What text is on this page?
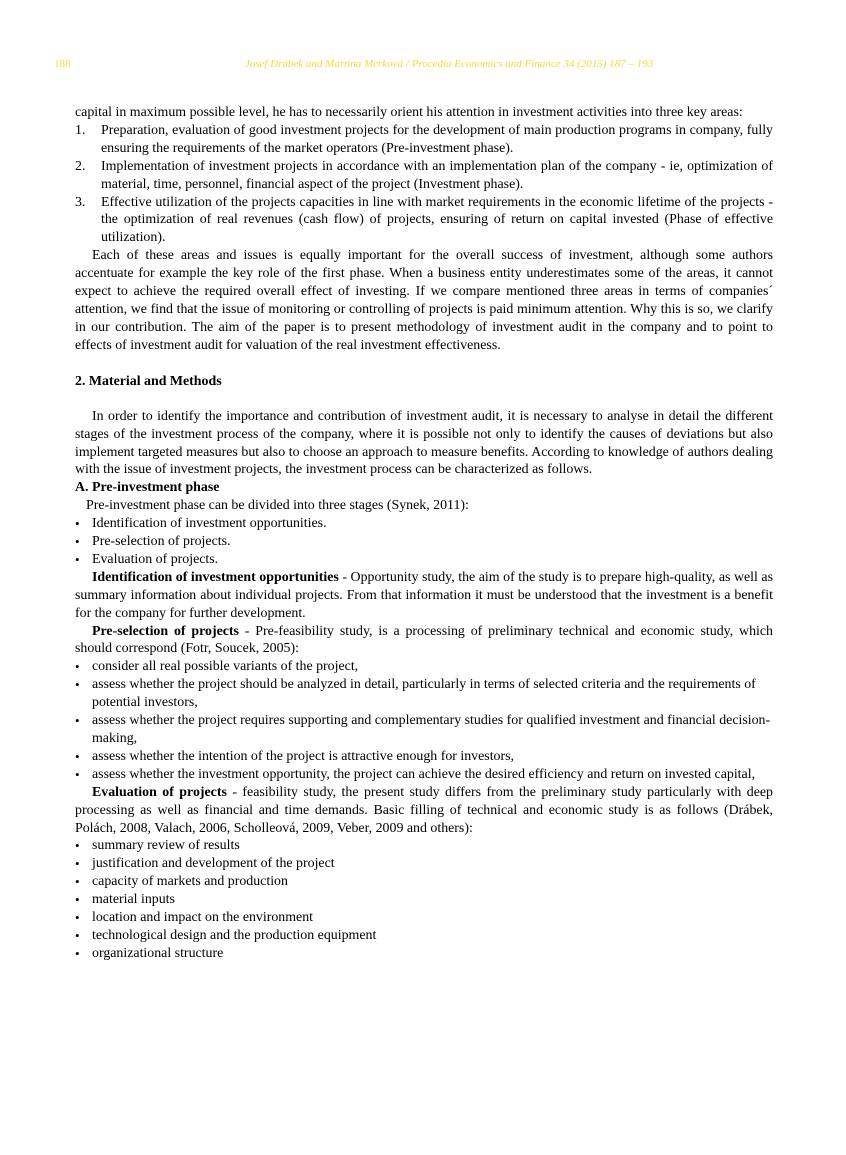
188	Josef Drábek and Martina Merková / Procedia Economics and Finance 34 (2015) 187 – 193

capital in maximum possible level, he has to necessarily orient his attention in investment activities into three key areas:

1. Preparation, evaluation of good investment projects for the development of main production programs in company, fully ensuring the requirements of the market operators (Pre-investment phase).
2. Implementation of investment projects in accordance with an implementation plan of the company - ie, optimization of material, time, personnel, financial aspect of the project (Investment phase).
3. Effective utilization of the projects capacities in line with market requirements in the economic lifetime of the projects - the optimization of real revenues (cash flow) of projects, ensuring of return on capital invested (Phase of effective utilization).

Each of these areas and issues is equally important for the overall success of investment, although some authors accentuate for example the key role of the first phase. When a business entity underestimates some of the areas, it cannot expect to achieve the required overall effect of investing. If we compare mentioned three areas in terms of companies´ attention, we find that the issue of monitoring or controlling of projects is paid minimum attention. Why this is so, we clarify in our contribution. The aim of the paper is to present methodology of investment audit in the company and to point to effects of investment audit for valuation of the real investment effectiveness.

2. Material and Methods

In order to identify the importance and contribution of investment audit, it is necessary to analyse in detail the different stages of the investment process of the company, where it is possible not only to identify the causes of deviations but also implement targeted measures but also to choose an approach to measure benefits. According to knowledge of authors dealing with the issue of investment projects, the investment process can be characterized as follows.

A. Pre-investment phase

Pre-investment phase can be divided into three stages (Synek, 2011):

• Identification of investment opportunities.
• Pre-selection of projects.
• Evaluation of projects.

Identification of investment opportunities - Opportunity study, the aim of the study is to prepare high-quality, as well as summary information about individual projects. From that information it must be understood that the investment is a benefit for the company for further development.

Pre-selection of projects - Pre-feasibility study, is a processing of preliminary technical and economic study, which should correspond (Fotr, Soucek, 2005):

• consider all real possible variants of the project,
• assess whether the project should be analyzed in detail, particularly in terms of selected criteria and the requirements of potential investors,
• assess whether the project requires supporting and complementary studies for qualified investment and financial decision-making,
• assess whether the intention of the project is attractive enough for investors,
• assess whether the investment opportunity, the project can achieve the desired efficiency and return on invested capital,

Evaluation of projects - feasibility study, the present study differs from the preliminary study particularly with deep processing as well as financial and time demands. Basic filling of technical and economic study is as follows (Drábek, Polách, 2008, Valach, 2006, Scholleová, 2009, Veber, 2009 and others):

• summary review of results
• justification and development of the project
• capacity of markets and production
• material inputs
• location and impact on the environment
• technological design and the production equipment
• organizational structure
